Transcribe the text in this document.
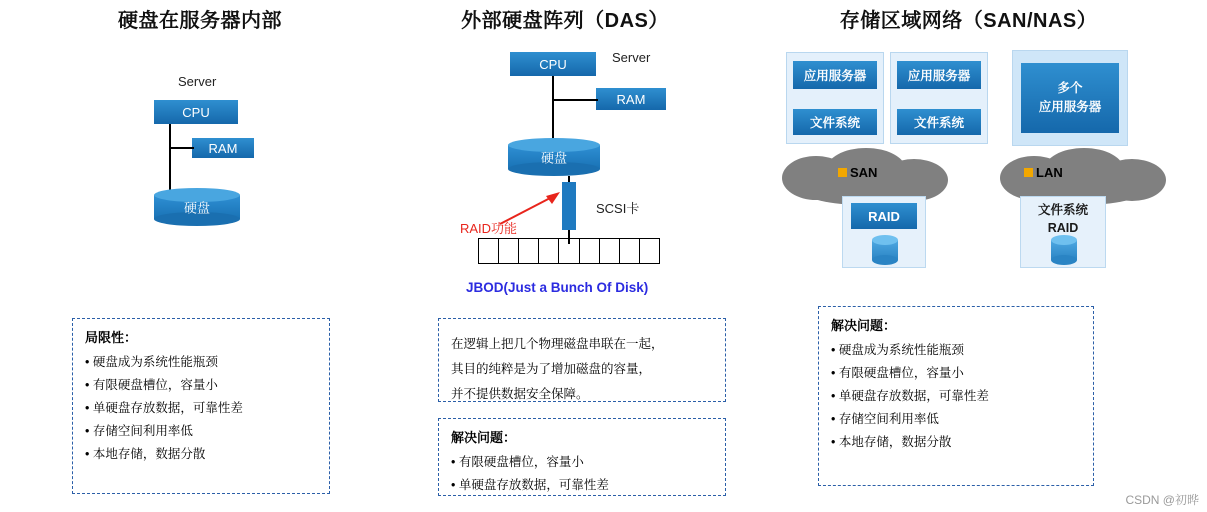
硬盘在服务器内部
Server
CPU
RAM
硬盘
局限性：
• 硬盘成为系统性能瓶颈
• 有限硬盘槽位，容量小
• 单硬盘存放数据，可靠性差
• 存储空间利用率低
• 本地存储，数据分散
外部硬盘阵列（DAS）
CPU	Server
RAM
硬盘
SCSI卡
RAID功能
JBOD(Just a Bunch Of Disk)
在逻辑上把几个物理磁盘串联在一起，
其目的纯粹是为了增加磁盘的容量，
并不提供数据安全保障。
解决问题：
• 有限硬盘槽位，容量小
• 单硬盘存放数据，可靠性差
存储区域网络（SAN/NAS）
应用服务器
文件系统
应用服务器
文件系统
多个
应用服务器
SAN	LAN
RAID	文件系统
RAID
解决问题：
• 硬盘成为系统性能瓶颈
• 有限硬盘槽位，容量小
• 单硬盘存放数据，可靠性差
• 存储空间利用率低
• 本地存储，数据分散
CSDN @初晔
